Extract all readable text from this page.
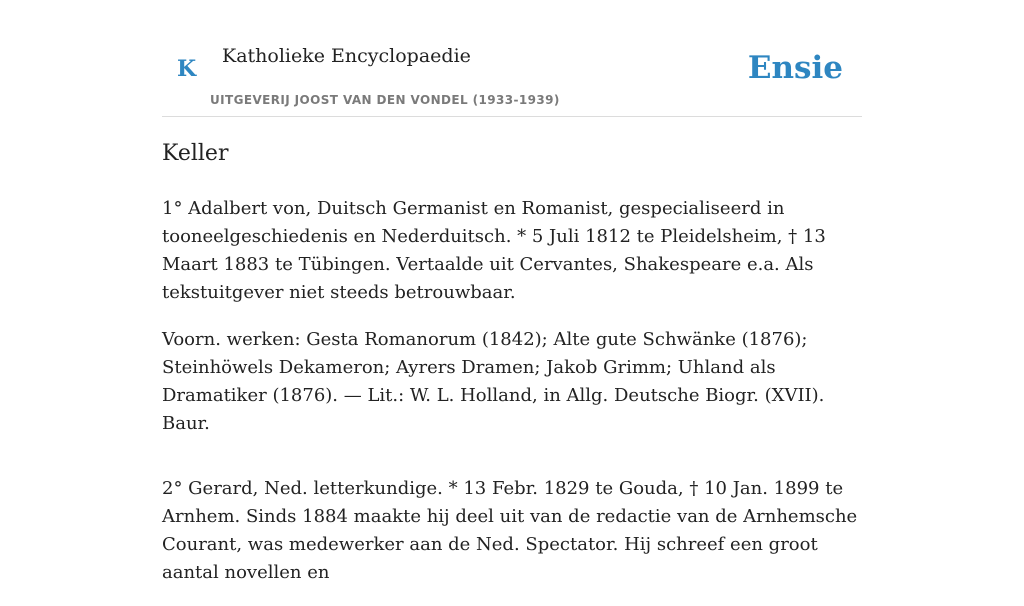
K Katholieke Encyclopaedie
UITGEVERIJ JOOST VAN DEN VONDEL (1933-1939)
Ensie
Keller

1° Adalbert von, Duitsch Germanist en Romanist, gespecialiseerd in tooneelgeschiedenis en Nederduitsch. * 5 Juli 1812 te Pleidelsheim, † 13 Maart 1883 te Tübingen. Vertaalde uit Cervantes, Shakespeare e.a. Als tekstuitgever niet steeds betrouwbaar.

Voorn. werken: Gesta Romanorum (1842); Alte gute Schwänke (1876); Steinhöwels Dekameron; Ayrers Dramen; Jakob Grimm; Uhland als Dramatiker (1876). — Lit.: W. L. Holland, in Allg. Deutsche Biogr. (XVII). Baur.

2° Gerard, Ned. letterkundige. * 13 Febr. 1829 te Gouda, † 10 Jan. 1899 te Arnhem. Sinds 1884 maakte hij deel uit van de redactie van de Arnhemsche Courant, was medewerker aan de Ned. Spectator. Hij schreef een groot aantal novellen en
